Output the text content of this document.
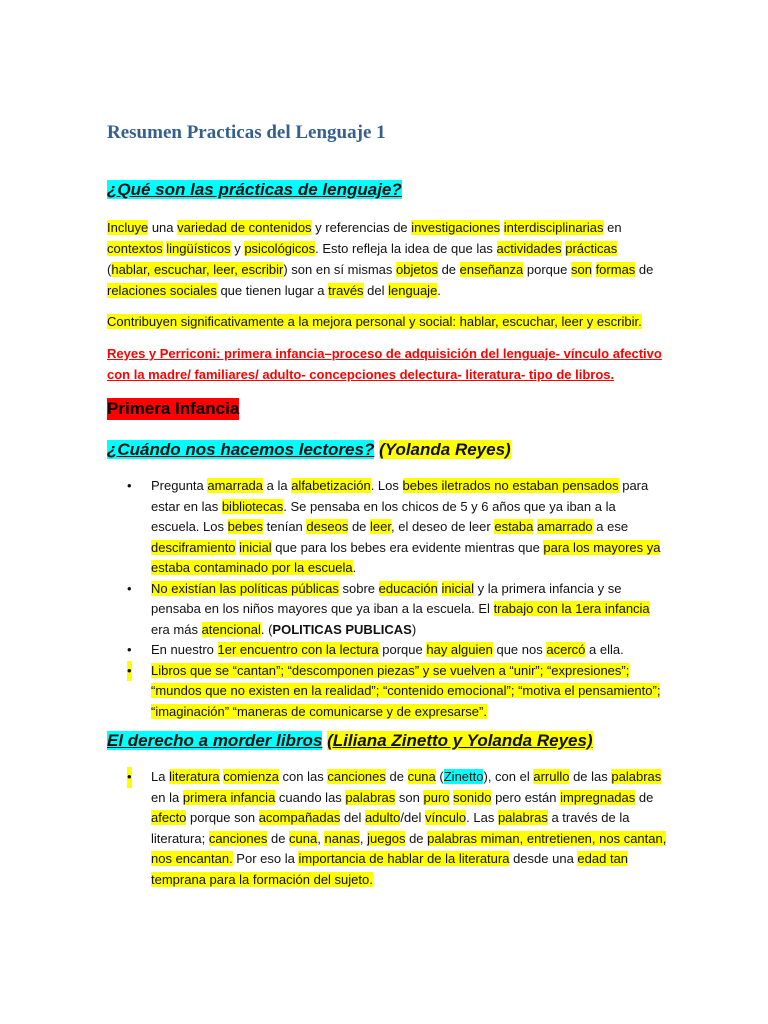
Resumen Practicas del Lenguaje 1
¿Qué son las prácticas de lenguaje?

Incluye una variedad de contenidos y referencias de investigaciones interdisciplinarias en contextos lingüísticos y psicológicos. Esto refleja la idea de que las actividades prácticas (hablar, escuchar, leer, escribir) son en sí mismas objetos de enseñanza porque son formas de relaciones sociales que tienen lugar a través del lenguaje.

Contribuyen significativamente a la mejora personal y social: hablar, escuchar, leer y escribir.

Reyes y Perriconi: primera infancia–proceso de adquisición del lenguaje- vínculo afectivo con la madre/ familiares/ adulto- concepciones delectura- literatura- tipo de libros.

Primera Infancia
¿Cuándo nos hacemos lectores? (Yolanda Reyes)
• Pregunta amarrada a la alfabetización. Los bebes iletrados no estaban pensados para estar en las bibliotecas. Se pensaba en los chicos de 5 y 6 años que ya iban a la escuela. Los bebes tenían deseos de leer, el deseo de leer estaba amarrado a ese desciframiento inicial que para los bebes era evidente mientras que para los mayores ya estaba contaminado por la escuela.
• No existían las políticas públicas sobre educación inicial y la primera infancia y se pensaba en los niños mayores que ya iban a la escuela. El trabajo con la 1era infancia era más atencional. (POLITICAS PUBLICAS)
• En nuestro 1er encuentro con la lectura porque hay alguien que nos acercó a ella.
• Libros que se “cantan”; “descomponen piezas” y se vuelven a “unir”; “expresiones”; “mundos que no existen en la realidad”; “contenido emocional”; “motiva el pensamiento”; “imaginación” “maneras de comunicarse y de expresarse”.
El derecho a morder libros (Liliana Zinetto y Yolanda Reyes)
• La literatura comienza con las canciones de cuna (Zinetto), con el arrullo de las palabras en la primera infancia cuando las palabras son puro sonido pero están impregnadas de afecto porque son acompañadas del adulto/del vínculo. Las palabras a través de la literatura; canciones de cuna, nanas, juegos de palabras miman, entretienen, nos cantan, nos encantan. Por eso la importancia de hablar de la literatura desde una edad tan temprana para la formación del sujeto.
